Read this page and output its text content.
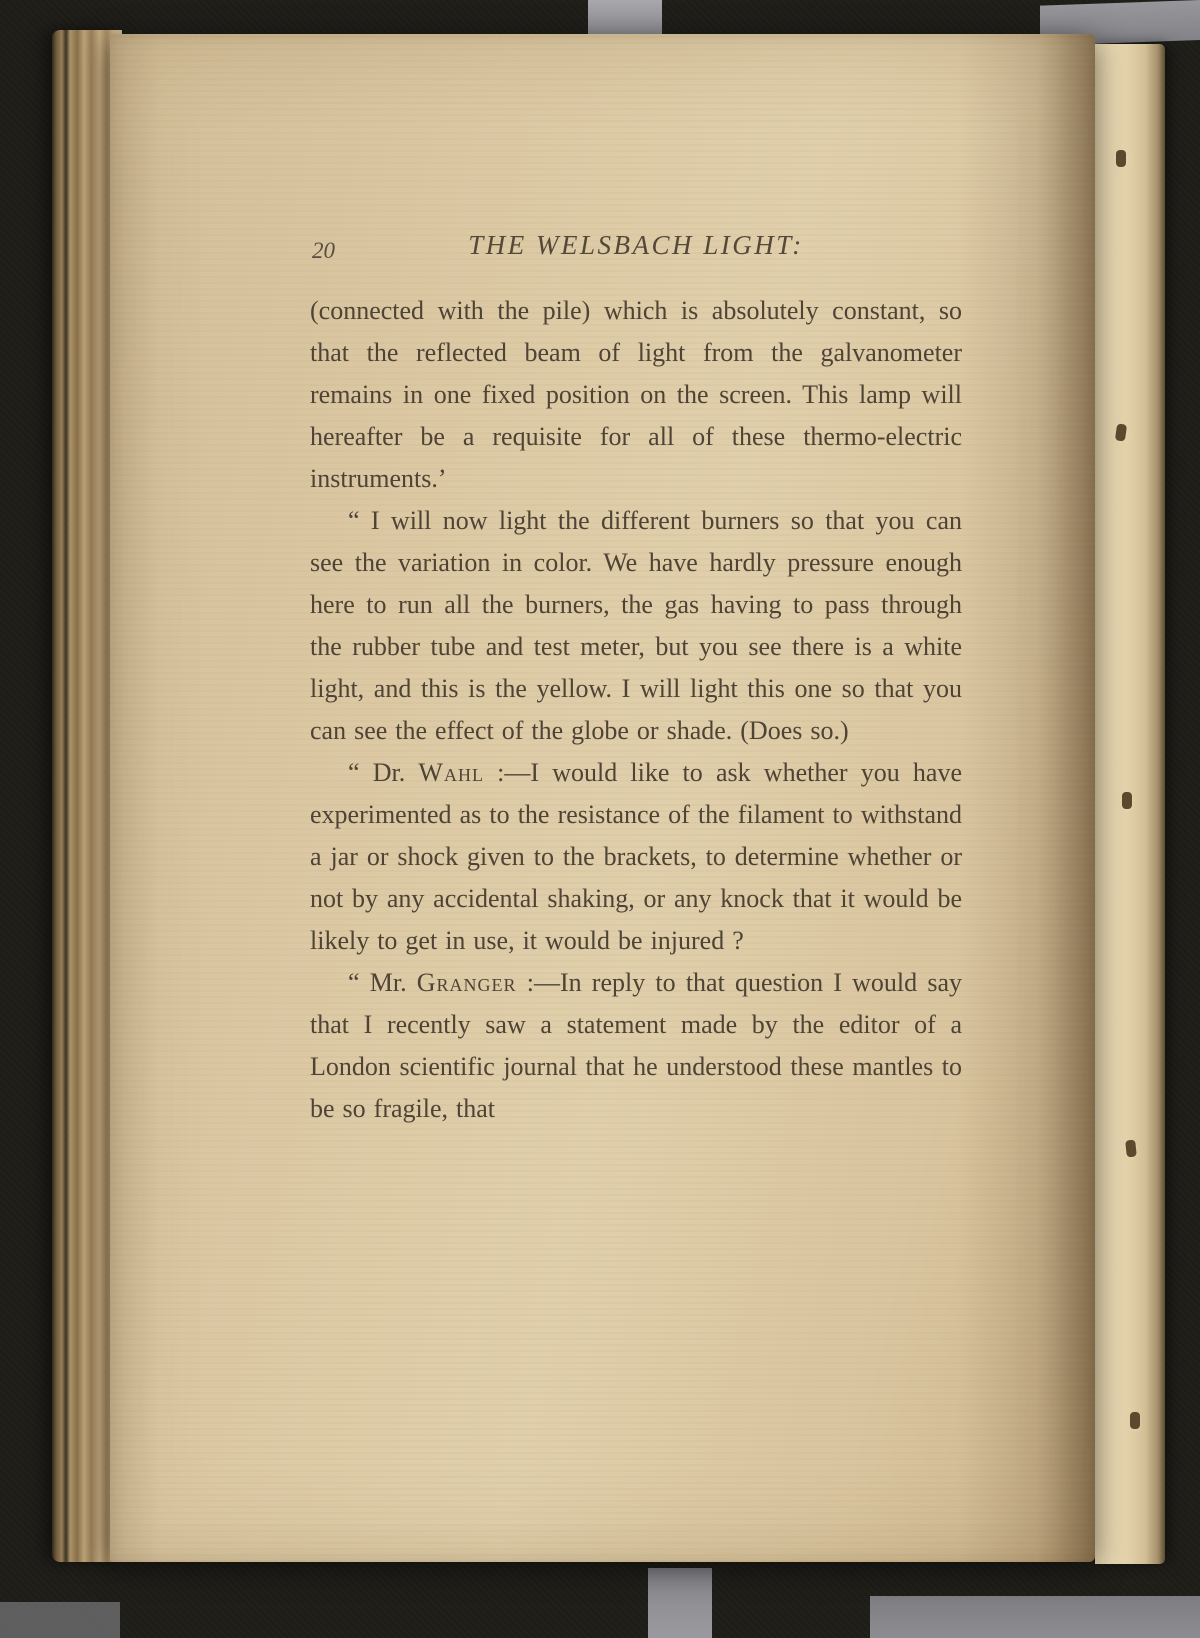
20	THE WELSBACH LIGHT:

(connected with the pile) which is absolutely constant, so that the reflected beam of light from the galvanometer remains in one fixed position on the screen. This lamp will hereafter be a requisite for all of these thermo-electric instruments.’

“ I will now light the different burners so that you can see the variation in color. We have hardly pressure enough here to run all the burners, the gas having to pass through the rubber tube and test meter, but you see there is a white light, and this is the yellow. I will light this one so that you can see the effect of the globe or shade. (Does so.)

“ Dr. Wahl :—I would like to ask whether you have experimented as to the resistance of the filament to withstand a jar or shock given to the brackets, to determine whether or not by any accidental shaking, or any knock that it would be likely to get in use, it would be injured ?

“ Mr. Granger :—In reply to that question I would say that I recently saw a statement made by the editor of a London scientific journal that he understood these mantles to be so fragile, that
